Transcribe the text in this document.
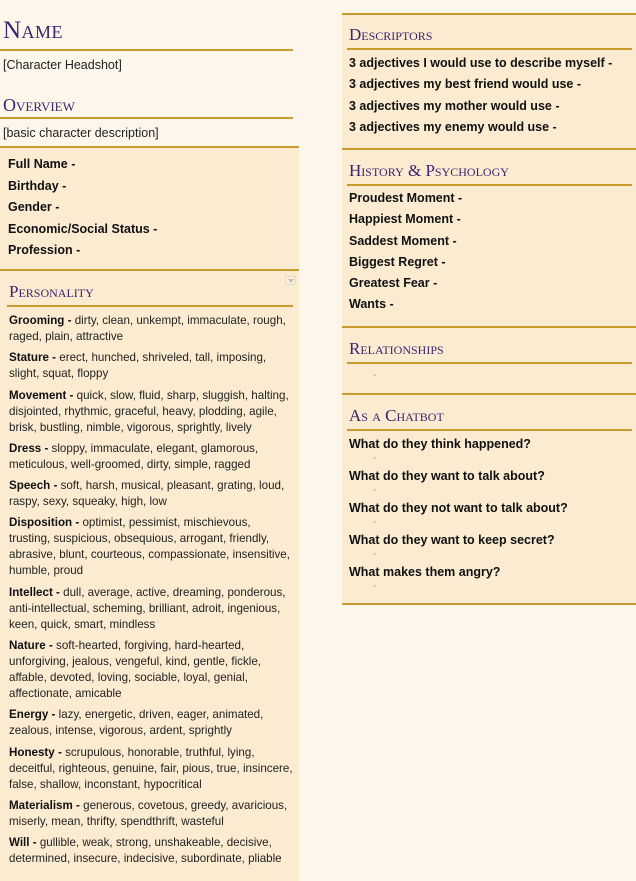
Name
[Character Headshot]
Overview
[basic character description]
Full Name -
Birthday -
Gender -
Economic/Social Status -
Profession -
Personality
Grooming - dirty, clean, unkempt, immaculate, rough, raged, plain, attractive
Stature - erect, hunched, shriveled, tall, imposing, slight, squat, floppy
Movement - quick, slow, fluid, sharp, sluggish, halting, disjointed, rhythmic, graceful, heavy, plodding, agile, brisk, bustling, nimble, vigorous, sprightly, lively
Dress - sloppy, immaculate, elegant, glamorous, meticulous, well-groomed, dirty, simple, ragged
Speech - soft, harsh, musical, pleasant, grating, loud, raspy, sexy, squeaky, high, low
Disposition - optimist, pessimist, mischievous, trusting, suspicious, obsequious, arrogant, friendly, abrasive, blunt, courteous, compassionate, insensitive, humble, proud
Intellect - dull, average, active, dreaming, ponderous, anti-intellectual, scheming, brilliant, adroit, ingenious, keen, quick, smart, mindless
Nature - soft-hearted, forgiving, hard-hearted, unforgiving, jealous, vengeful, kind, gentle, fickle, affable, devoted, loving, sociable, loyal, genial, affectionate, amicable
Energy - lazy, energetic, driven, eager, animated, zealous, intense, vigorous, ardent, sprightly
Honesty - scrupulous, honorable, truthful, lying, deceitful, righteous, genuine, fair, pious, true, insincere, false, shallow, inconstant, hypocritical
Materialism - generous, covetous, greedy, avaricious, miserly, mean, thrifty, spendthrift, wasteful
Will - gullible, weak, strong, unshakeable, decisive, determined, insecure, indecisive, subordinate, pliable
Descriptors
3 adjectives I would use to describe myself -
3 adjectives my best friend would use -
3 adjectives my mother would use -
3 adjectives my enemy would use -
History & Psychology
Proudest Moment -
Happiest Moment -
Saddest Moment -
Biggest Regret -
Greatest Fear -
Wants -
Relationships
-
As a Chatbot
What do they think happened?
-
What do they want to talk about?
-
What do they not want to talk about?
-
What do they want to keep secret?
-
What makes them angry?
-
